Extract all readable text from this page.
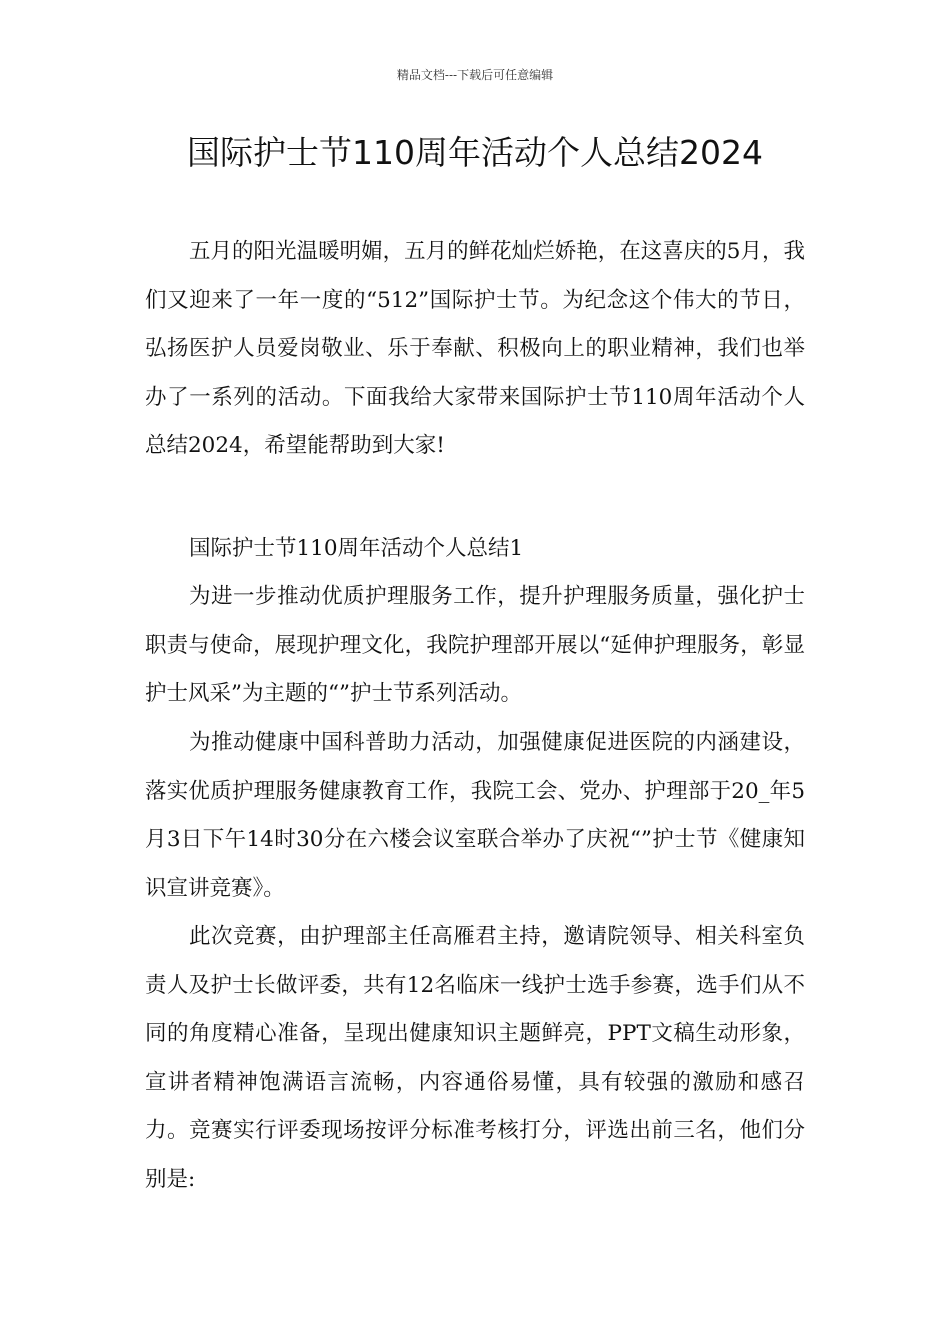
精品文档---下载后可任意编辑
国际护士节110周年活动个人总结2024

五月的阳光温暖明媚，五月的鲜花灿烂娇艳，在这喜庆的5月，我们又迎来了一年一度的“512”国际护士节。为纪念这个伟大的节日，弘扬医护人员爱岗敬业、乐于奉献、积极向上的职业精神，我们也举办了一系列的活动。下面我给大家带来国际护士节110周年活动个人总结2024，希望能帮助到大家!

国际护士节110周年活动个人总结1

为进一步推动优质护理服务工作，提升护理服务质量，强化护士职责与使命，展现护理文化，我院护理部开展以“延伸护理服务，彰显护士风采”为主题的“”护士节系列活动。

为推动健康中国科普助力活动，加强健康促进医院的内涵建设，落实优质护理服务健康教育工作，我院工会、党办、护理部于20_年5月3日下午14时30分在六楼会议室联合举办了庆祝“”护士节《健康知识宣讲竞赛》。

此次竞赛，由护理部主任高雁君主持，邀请院领导、相关科室负责人及护士长做评委，共有12名临床一线护士选手参赛，选手们从不同的角度精心准备，呈现出健康知识主题鲜亮，PPT文稿生动形象，宣讲者精神饱满语言流畅，内容通俗易懂，具有较强的激励和感召力。竞赛实行评委现场按评分标准考核打分，评选出前三名，他们分别是:
